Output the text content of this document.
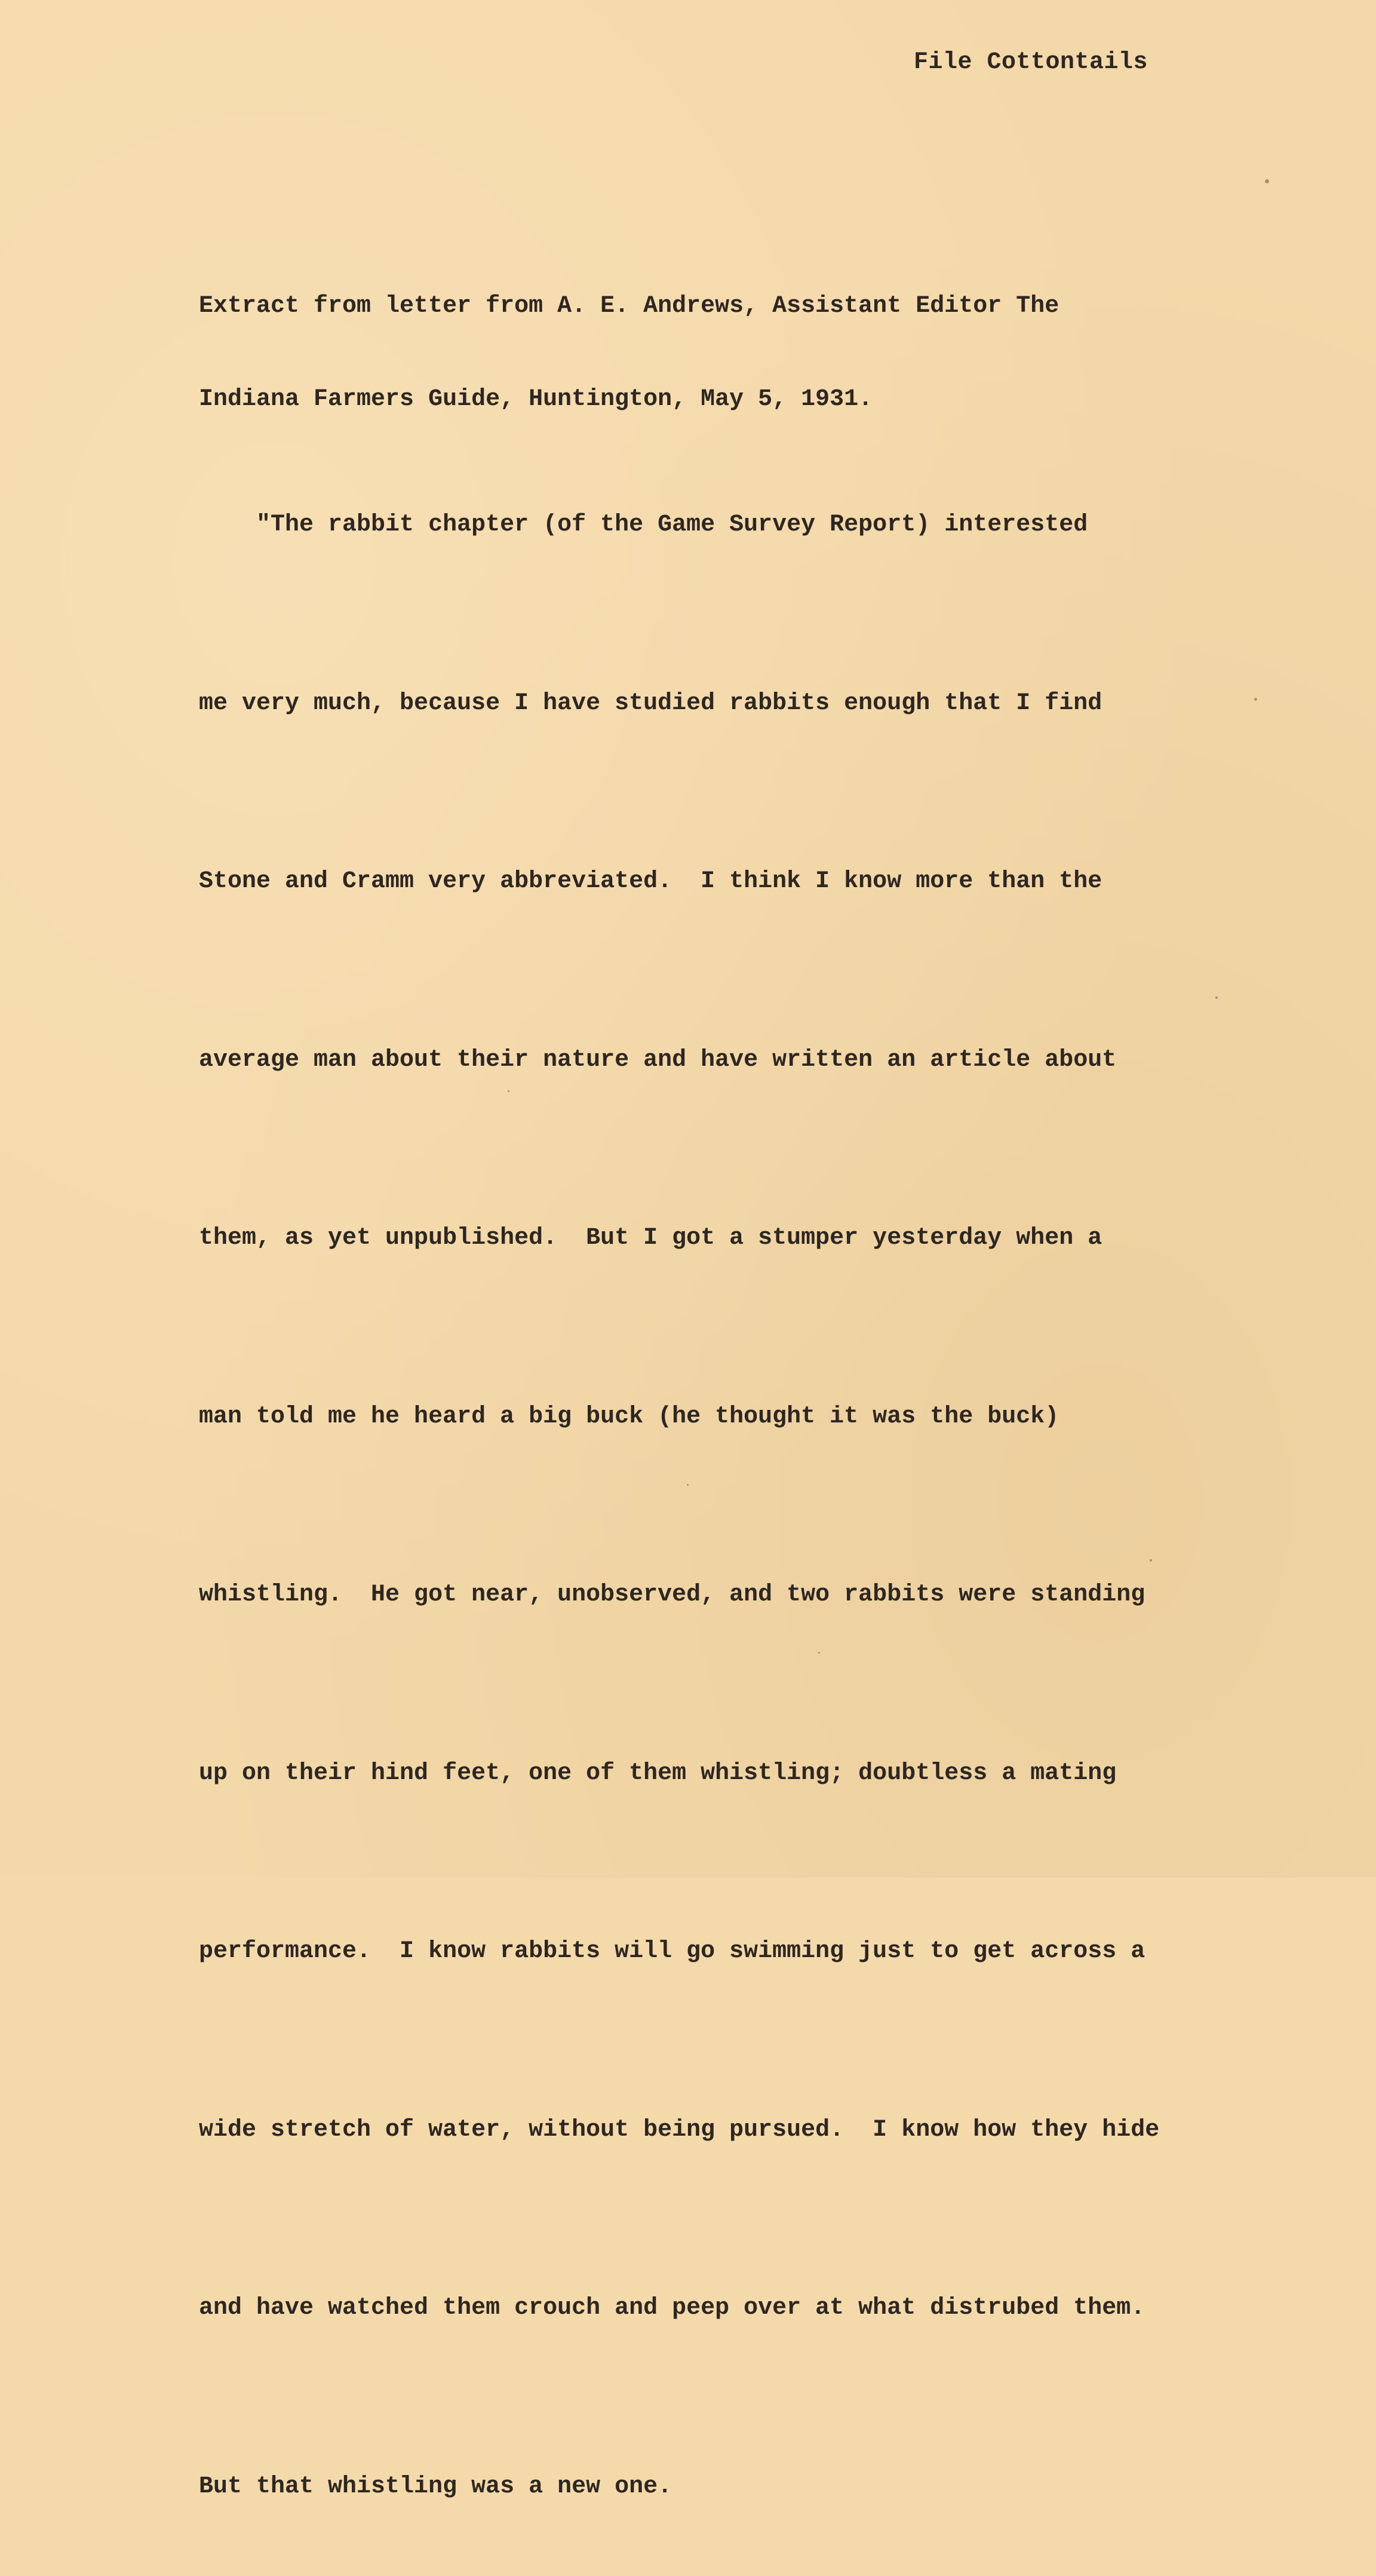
File Cottontails

Extract from letter from A. E. Andrews, Assistant Editor The

Indiana Farmers Guide, Huntington, May 5, 1931.

"The rabbit chapter (of the Game Survey Report) interested

me very much, because I have studied rabbits enough that I find

Stone and Cramm very abbreviated.  I think I know more than the

average man about their nature and have written an article about

them, as yet unpublished.  But I got a stumper yesterday when a

man told me he heard a big buck (he thought it was the buck)

whistling.  He got near, unobserved, and two rabbits were standing

up on their hind feet, one of them whistling; doubtless a mating

performance.  I know rabbits will go swimming just to get across a

wide stretch of water, without being pursued.  I know how they hide

and have watched them crouch and peep over at what distrubed them.

But that whistling was a new one.
